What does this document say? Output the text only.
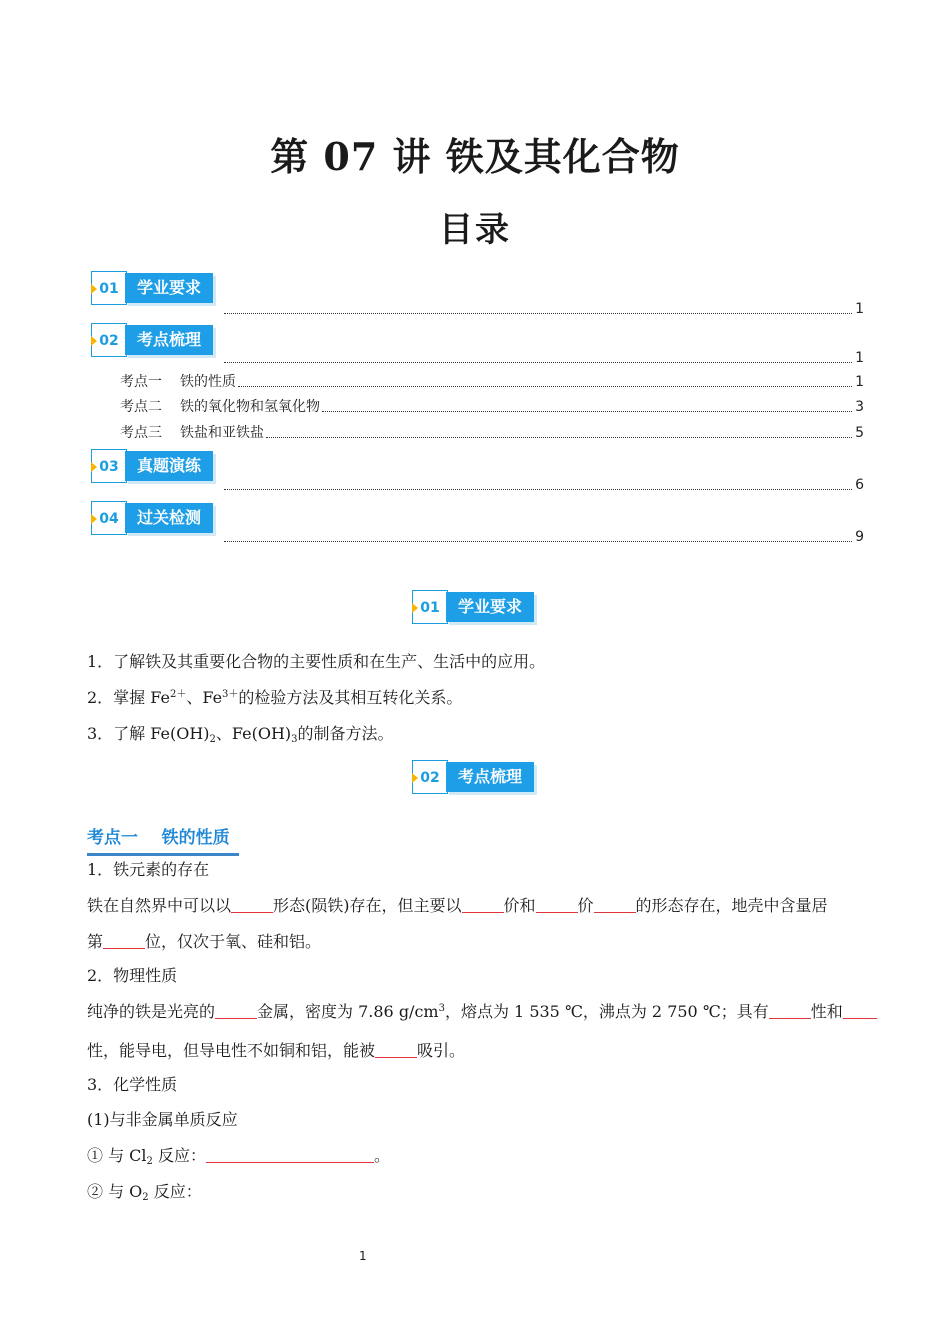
第 07 讲 铁及其化合物
目录
01	学业要求
1
02	考点梳理
1
考点一 铁的性质	1
考点二 铁的氧化物和氢氧化物	3
考点三 铁盐和亚铁盐	5
03	真题演练
6
04	过关检测
9
01	学业要求
1．了解铁及其重要化合物的主要性质和在生产、生活中的应用。
2．掌握 $Fe^{2+}$、$Fe^{3+}$的检验方法及其相互转化关系。
3．了解 $Fe(OH)_2$、$Fe(OH)_3$的制备方法。
02	考点梳理
考点一    铁的性质
1．铁元素的存在
铁在自然界中可以以	形态(陨铁)存在，但主要以	价和	价	的形态存在，地壳中含量居
第	位，仅次于氧、硅和铝。
2．物理性质
纯净的铁是光亮的	金属，密度为 7.86 $g/cm^3$，熔点为 1 535 ℃，沸点为 2 750 ℃；具有	性和
性，能导电，但导电性不如铜和铝，能被	吸引。
3．化学性质
(1)与非金属单质反应
① 与 $Cl_2$ 反应：	。
② 与 $O_2$ 反应：
1
